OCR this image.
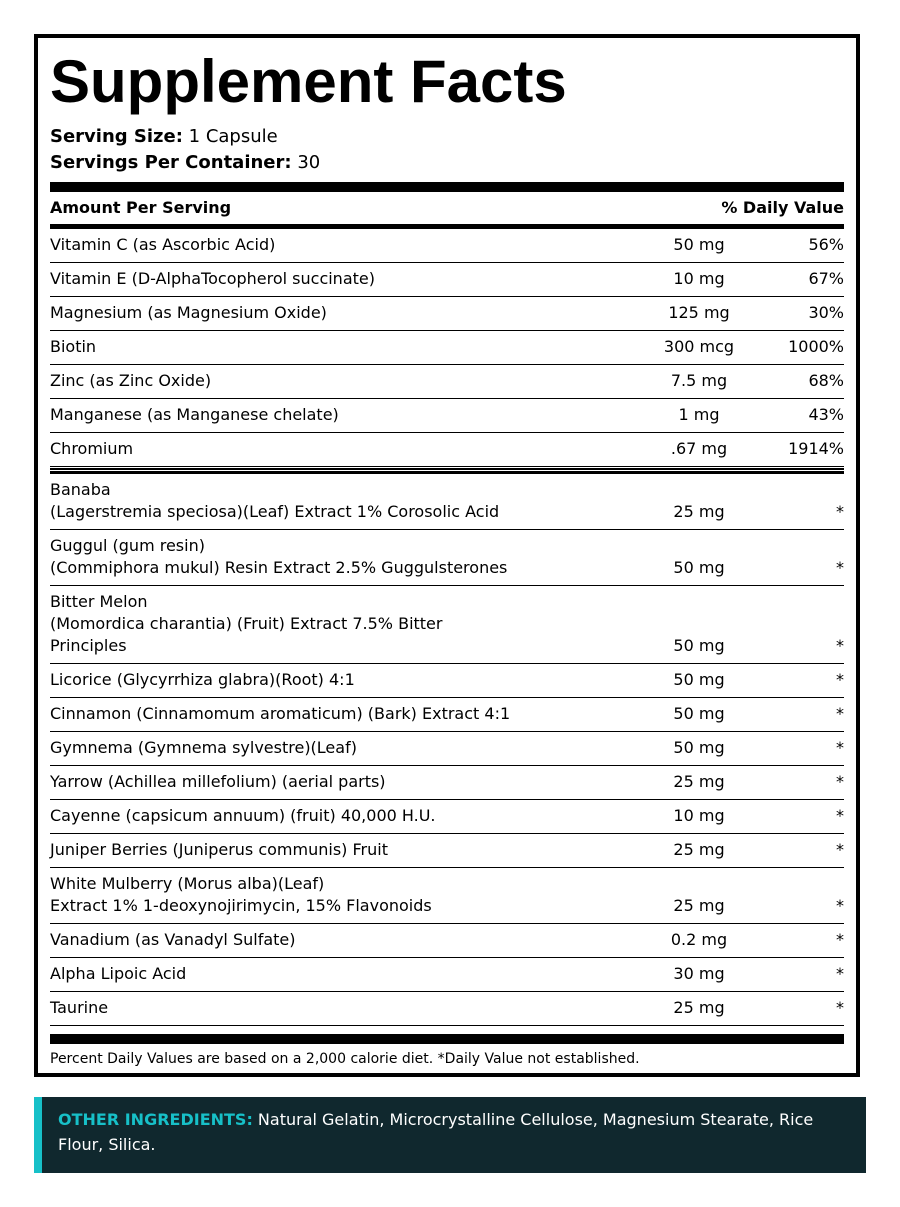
Supplement Facts
Serving Size: 1 Capsule
Servings Per Container: 30
Amount Per Serving	% Daily Value
Vitamin C (as Ascorbic Acid)	50 mg	56%
Vitamin E (D-AlphaTocopherol succinate)	10 mg	67%
Magnesium (as Magnesium Oxide)	125 mg	30%
Biotin	300 mcg	1000%
Zinc (as Zinc Oxide)	7.5 mg	68%
Manganese (as Manganese chelate)	1 mg	43%
Chromium	.67 mg	1914%
Banaba
(Lagerstremia speciosa)(Leaf) Extract 1% Corosolic Acid	25 mg	*
Guggul (gum resin)
(Commiphora mukul) Resin Extract 2.5% Guggulsterones	50 mg	*
Bitter Melon
(Momordica charantia) (Fruit) Extract 7.5% Bitter
Principles	50 mg	*
Licorice (Glycyrrhiza glabra)(Root) 4:1	50 mg	*
Cinnamon (Cinnamomum aromaticum) (Bark) Extract 4:1	50 mg	*
Gymnema (Gymnema sylvestre)(Leaf)	50 mg	*
Yarrow (Achillea millefolium) (aerial parts)	25 mg	*
Cayenne (capsicum annuum) (fruit) 40,000 H.U.	10 mg	*
Juniper Berries (Juniperus communis) Fruit	25 mg	*
White Mulberry (Morus alba)(Leaf)
Extract 1% 1-deoxynojirimycin, 15% Flavonoids	25 mg	*
Vanadium (as Vanadyl Sulfate)	0.2 mg	*
Alpha Lipoic Acid	30 mg	*
Taurine	25 mg	*
Percent Daily Values are based on a 2,000 calorie diet. *Daily Value not established.
OTHER INGREDIENTS: Natural Gelatin, Microcrystalline Cellulose, Magnesium Stearate, Rice Flour, Silica.
